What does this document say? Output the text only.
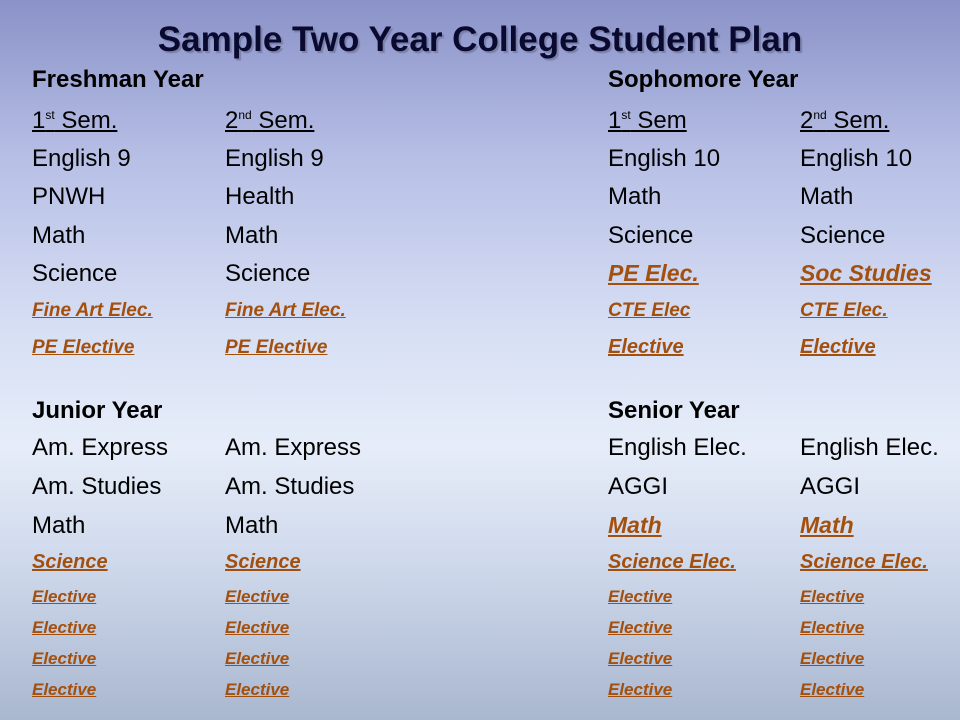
Sample Two Year College Student Plan
Freshman Year
1st Sem.	2nd Sem.
English 9
PNWH
Math
Science
English 9
Health
Math
Science
Fine Art Elec.
PE Elective
Fine Art Elec.
PE Elective
Sophomore Year
1st Sem	2nd Sem.
English 10
Math
Science
English 10
Math
Science
PE Elec.
CTE Elec
Elective
Soc Studies
CTE Elec.
Elective
Junior Year
Am. Express
Am. Studies
Math
Am. Express
Am. Studies
Math
Science
Elective
Elective
Elective
Elective
Science
Elective
Elective
Elective
Elective
Senior Year
English Elec.
AGGI
English Elec.
AGGI
Math
Science Elec.
Elective
Elective
Elective
Elective
Math
Science Elec.
Elective
Elective
Elective
Elective
